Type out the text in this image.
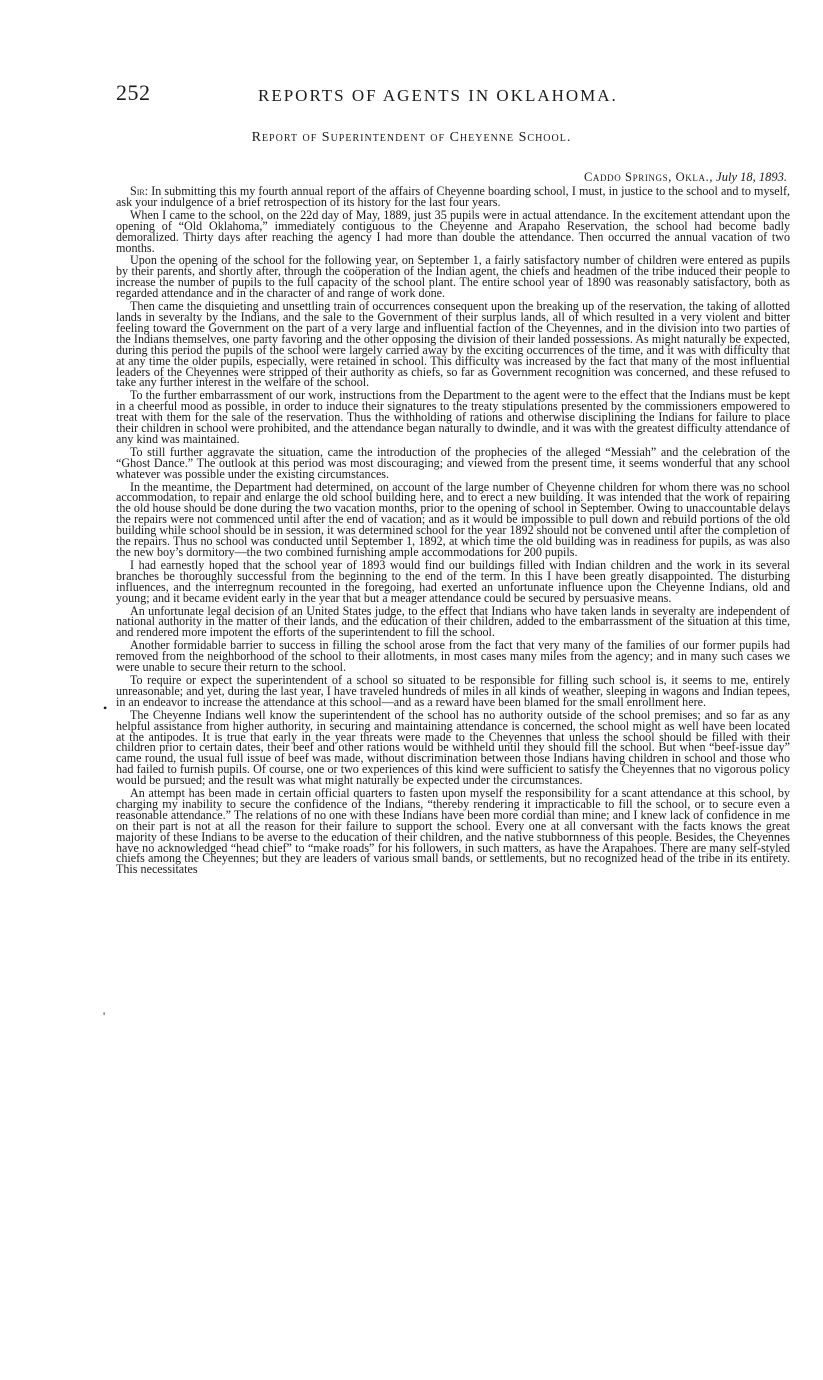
252	REPORTS OF AGENTS IN OKLAHOMA.
Report of Superintendent of Cheyenne School.
Caddo Springs, Okla., July 18, 1893.

Sir: In submitting this my fourth annual report of the affairs of Cheyenne boarding school, I must, in justice to the school and to myself, ask your indulgence of a brief retrospection of its history for the last four years.

When I came to the school, on the 22d day of May, 1889, just 35 pupils were in actual attendance. In the excitement attendant upon the opening of “Old Oklahoma,” immediately contiguous to the Cheyenne and Arapaho Reservation, the school had become badly demoralized. Thirty days after reaching the agency I had more than double the attendance. Then occurred the annual vacation of two months.

Upon the opening of the school for the following year, on September 1, a fairly satisfactory number of children were entered as pupils by their parents, and shortly after, through the coöperation of the Indian agent, the chiefs and headmen of the tribe induced their people to increase the number of pupils to the full capacity of the school plant. The entire school year of 1890 was reasonably satisfactory, both as regarded attendance and in the character of and range of work done.

Then came the disquieting and unsettling train of occurrences consequent upon the breaking up of the reservation, the taking of allotted lands in severalty by the Indians, and the sale to the Government of their surplus lands, all of which resulted in a very violent and bitter feeling toward the Government on the part of a very large and influential faction of the Cheyennes, and in the division into two parties of the Indians themselves, one party favoring and the other opposing the division of their landed possessions. As might naturally be expected, during this period the pupils of the school were largely carried away by the exciting occurrences of the time, and it was with difficulty that at any time the older pupils, especially, were retained in school. This difficulty was increased by the fact that many of the most influential leaders of the Cheyennes were stripped of their authority as chiefs, so far as Government recognition was concerned, and these refused to take any further interest in the welfare of the school.

To the further embarrassment of our work, instructions from the Department to the agent were to the effect that the Indians must be kept in a cheerful mood as possible, in order to induce their signatures to the treaty stipulations presented by the commissioners empowered to treat with them for the sale of the reservation. Thus the withholding of rations and otherwise disciplining the Indians for failure to place their children in school were prohibited, and the attendance began naturally to dwindle, and it was with the greatest difficulty attendance of any kind was maintained.

To still further aggravate the situation, came the introduction of the prophecies of the alleged “Messiah” and the celebration of the “Ghost Dance.” The outlook at this period was most discouraging; and viewed from the present time, it seems wonderful that any school whatever was possible under the existing circumstances.

In the meantime, the Department had determined, on account of the large number of Cheyenne children for whom there was no school accommodation, to repair and enlarge the old school building here, and to erect a new building. It was intended that the work of repairing the old house should be done during the two vacation months, prior to the opening of school in September. Owing to unaccountable delays the repairs were not commenced until after the end of vacation; and as it would be impossible to pull down and rebuild portions of the old building while school should be in session, it was determined school for the year 1892 should not be convened until after the completion of the repairs. Thus no school was conducted until September 1, 1892, at which time the old building was in readiness for pupils, as was also the new boy’s dormitory—the two combined furnishing ample accommodations for 200 pupils.

I had earnestly hoped that the school year of 1893 would find our buildings filled with Indian children and the work in its several branches be thoroughly successful from the beginning to the end of the term. In this I have been greatly disappointed. The disturbing influences, and the interregnum recounted in the foregoing, had exerted an unfortunate influence upon the Cheyenne Indians, old and young; and it became evident early in the year that but a meager attendance could be secured by persuasive means.

An unfortunate legal decision of an United States judge, to the effect that Indians who have taken lands in severalty are independent of national authority in the matter of their lands, and the education of their children, added to the embarrassment of the situation at this time, and rendered more impotent the efforts of the superintendent to fill the school.

Another formidable barrier to success in filling the school arose from the fact that very many of the families of our former pupils had removed from the neighborhood of the school to their allotments, in most cases many miles from the agency; and in many such cases we were unable to secure their return to the school.

To require or expect the superintendent of a school so situated to be responsible for filling such school is, it seems to me, entirely unreasonable; and yet, during the last year, I have traveled hundreds of miles in all kinds of weather, sleeping in wagons and Indian tepees, in an endeavor to increase the attendance at this school—and as a reward have been blamed for the small enrollment here.

The Cheyenne Indians well know the superintendent of the school has no authority outside of the school premises; and so far as any helpful assistance from higher authority, in securing and maintaining attendance is concerned, the school might as well have been located at the antipodes. It is true that early in the year threats were made to the Cheyennes that unless the school should be filled with their children prior to certain dates, their beef and other rations would be withheld until they should fill the school. But when “beef-issue day” came round, the usual full issue of beef was made, without discrimination between those Indians having children in school and those who had failed to furnish pupils. Of course, one or two experiences of this kind were sufficient to satisfy the Cheyennes that no vigorous policy would be pursued; and the result was what might naturally be expected under the circumstances.

An attempt has been made in certain official quarters to fasten upon myself the responsibility for a scant attendance at this school, by charging my inability to secure the confidence of the Indians, “thereby rendering it impracticable to fill the school, or to secure even a reasonable attendance.” The relations of no one with these Indians have been more cordial than mine; and I knew lack of confidence in me on their part is not at all the reason for their failure to support the school. Every one at all conversant with the facts knows the great majority of these Indians to be averse to the education of their children, and the native stubbornness of this people. Besides, the Cheyennes have no acknowledged “head chief” to “make roads” for his followers, in such matters, as have the Arapahoes. There are many self-styled chiefs among the Cheyennes; but they are leaders of various small bands, or settlements, but no recognized head of the tribe in its entirety. This necessitates

•
'
